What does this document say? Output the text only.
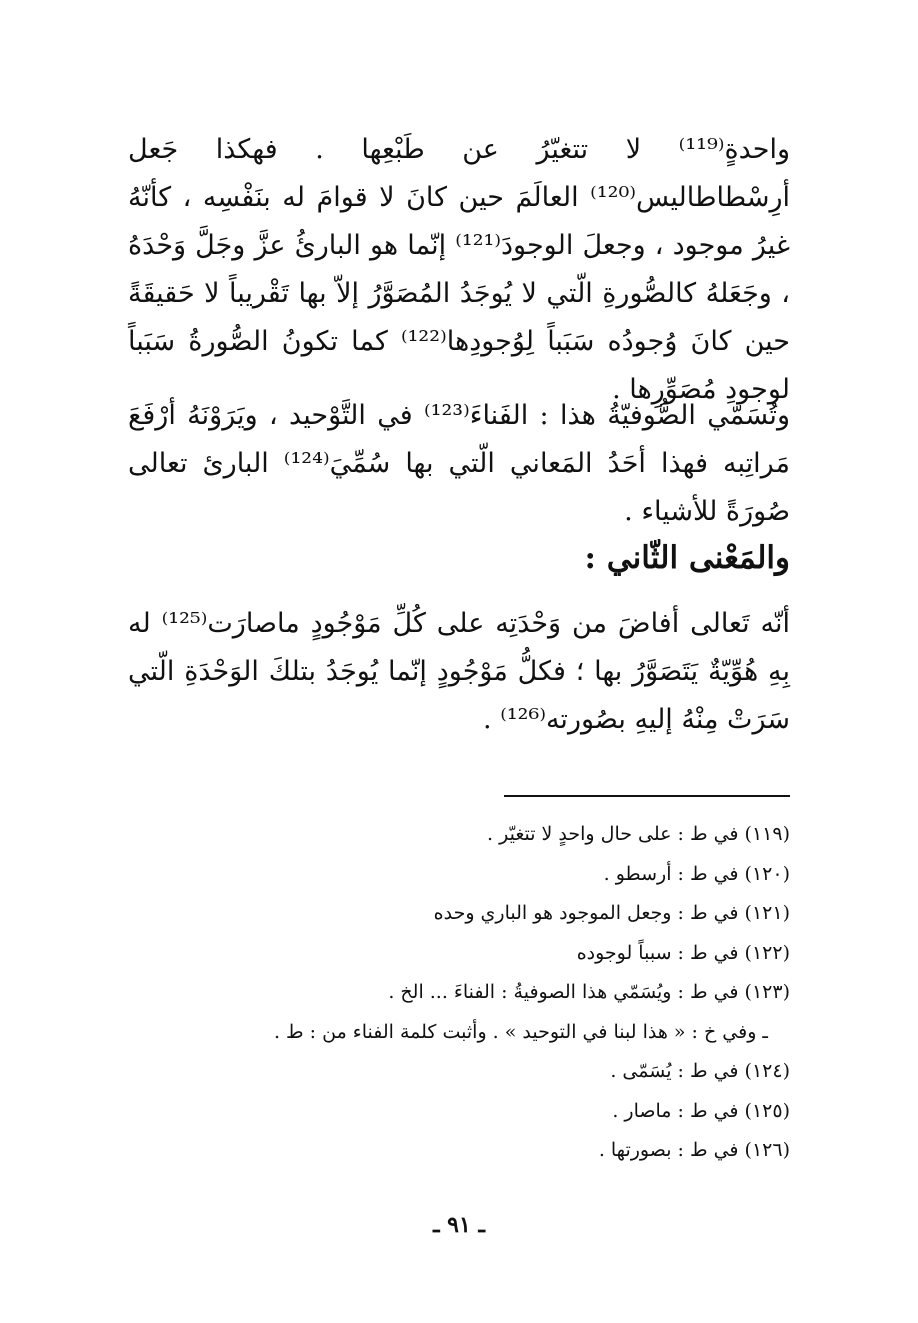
واحدةٍ⁽¹¹⁹⁾ لا تتغيّرُ عن طَبْعِها . فهكذا جَعل أرِسْطاطاليس⁽¹²⁰⁾ العالَمَ حين كانَ لا قوامَ له بنَفْسِه ، كأنّهُ غيرُ موجود ، وجعلَ الوجودَ⁽¹²¹⁾ إنّما هو البارئُ عزَّ وجَلَّ وَحْدَهُ ، وجَعَلهُ كالصُّورةِ الّتي لا يُوجَدُ المُصَوَّرُ إلاّ بها تَقْريباً لا حَقيقَةً حين كانَ وُجودُه سَبَباً لِوُجودِها⁽¹²²⁾ كما تكونُ الصُّورةُ سَبَباً لوجودِ مُصَوِّرِها .

وتُسَمّي الصُّوفيّةُ هذا : الفَناءَ⁽¹²³⁾ في التَّوْحيد ، ويَرَوْنَهُ أرْفَعَ مَراتِبه فهذا أحَدُ المَعاني الّتي بها سُمِّيَ⁽¹²⁴⁾ البارئ تعالى صُورَةً للأشياء .

والمَعْنى الثّاني :

أنّه تَعالى أفاضَ من وَحْدَتِه على كُلِّ مَوْجُودٍ ماصارَت⁽¹²⁵⁾ له بِهِ هُوِّيّةٌ يَتَصَوَّرُ بها ؛ فكلُّ مَوْجُودٍ إنّما يُوجَدُ بتلكَ الوَحْدَةِ الّتي سَرَتْ مِنْهُ إليهِ بصُورته⁽¹²⁶⁾ .

(١١٩) في ط : على حال واحدٍ لا تتغيّر .
(١٢٠) في ط : أرسطو .
(١٢١) في ط : وجعل الموجود هو الباري وحده
(١٢٢) في ط : سبباً لوجوده
(١٢٣) في ط : ويُسَمّي هذا الصوفيةُ : الفناءَ ... الخ .
ـ وفي خ : « هذا لبنا في التوحيد » . وأثبت كلمة الفناء من : ط .
(١٢٤) في ط : يُسَمّى .
(١٢٥) في ط : ماصار .
(١٢٦) في ط : بصورتها .
ـ ٩١ ـ
